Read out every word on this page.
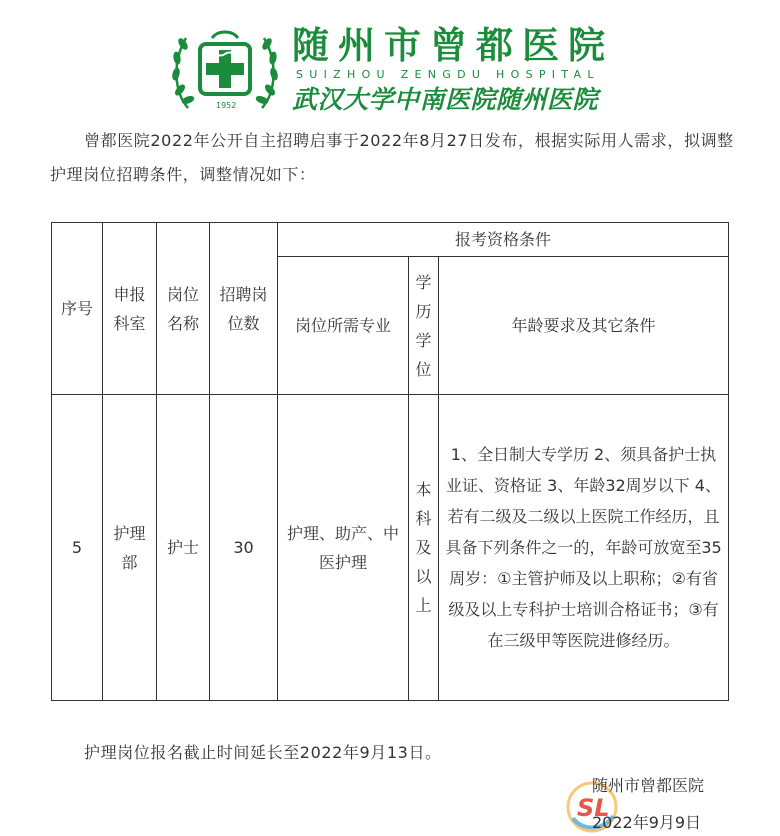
1952
随州市曾都医院
SUIZHOU ZENGDU HOSPITAL
武汉大学中南医院随州医院

曾都医院2022年公开自主招聘启事于2022年8月27日发布，根据实际用人需求，拟调整护理岗位招聘条件，调整情况如下：

序号	申报科室	岗位名称	招聘岗位数	报考资格条件		
				岗位所需专业	学历学位	年龄要求及其它条件
5	护理部	护士	30	护理、助产、中医护理	本科及以上	1、全日制大专学历 2、须具备护士执业证、资格证 3、年龄32周岁以下 4、若有二级及二级以上医院工作经历，且具备下列条件之一的，年龄可放宽至35周岁：①主管护师及以上职称；②有省级及以上专科护士培训合格证书；③有在三级甲等医院进修经历。
护理岗位报名截止时间延长至2022年9月13日。
SL
随州市曾都医院
2022年9月9日
